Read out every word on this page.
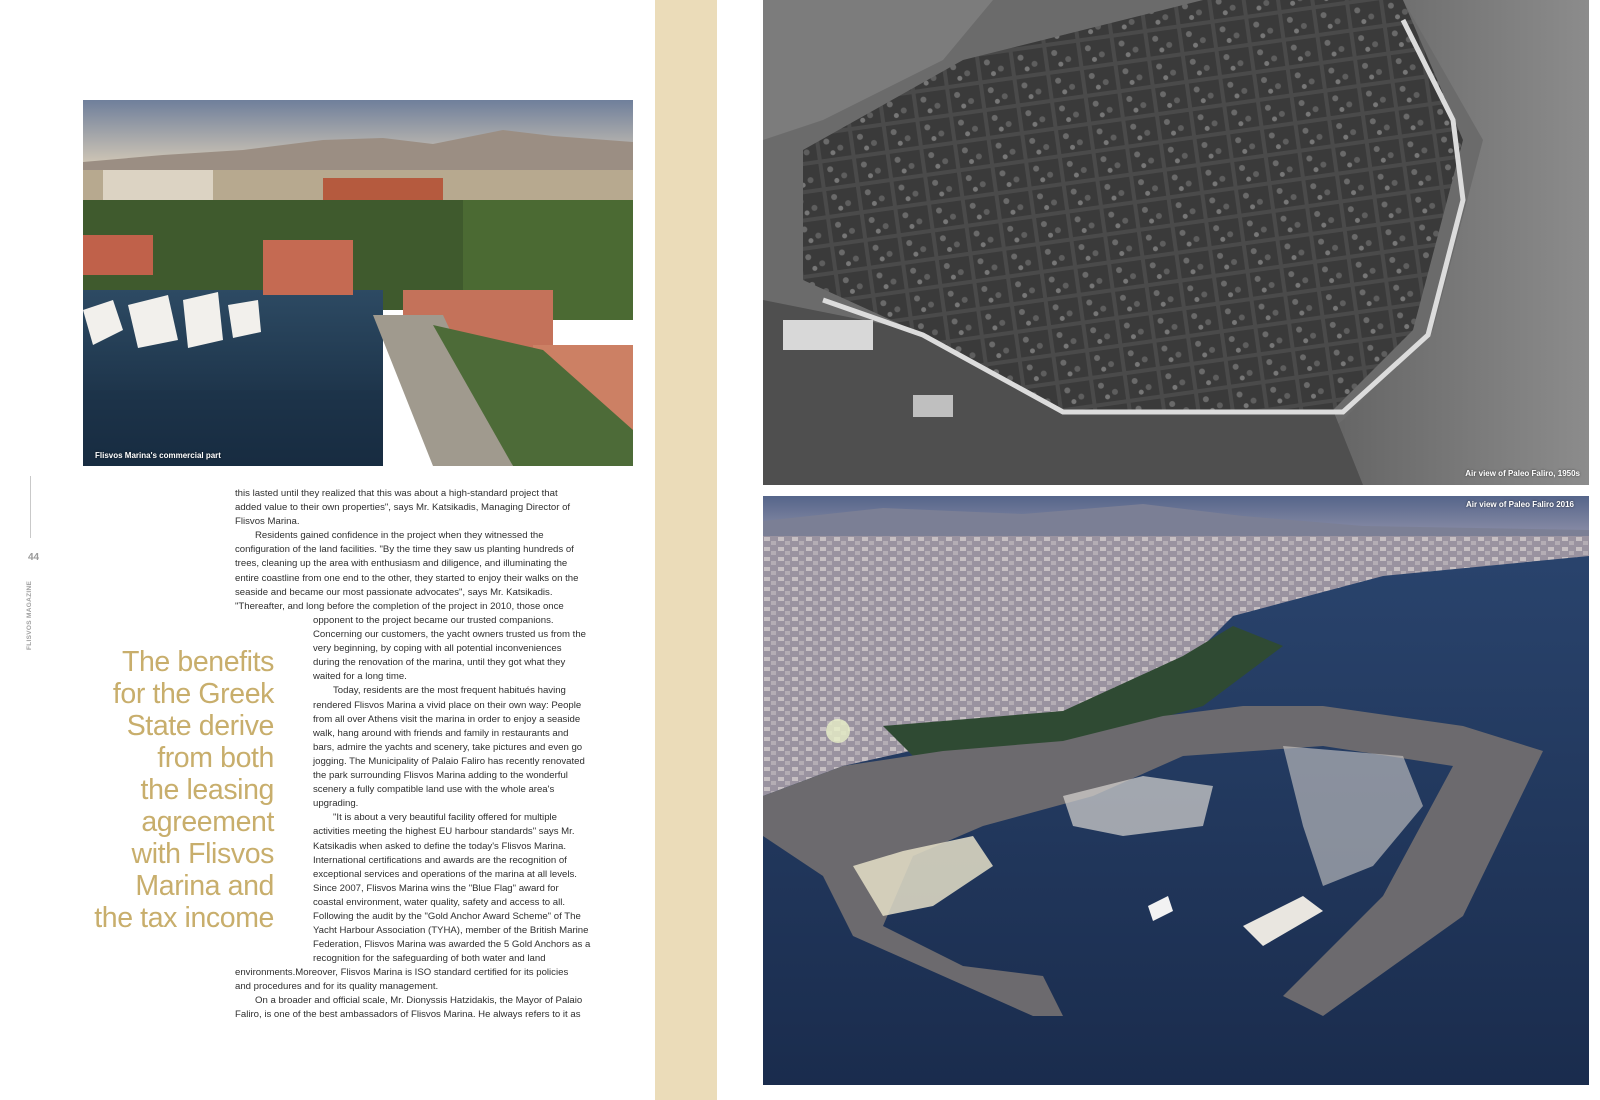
Flisvos Marina's commercial part
44
FLISVOS MAGAZINE
The benefits
for the Greek
State derive
from both
the leasing
agreement
with Flisvos
Marina and
the tax income
this lasted until they realized that this was about a high-standard project that
added value to their own properties", says Mr. Katsikadis, Managing Director of
Flisvos Marina.
Residents gained confidence in the project when they witnessed the
configuration of the land facilities. "By the time they saw us planting hundreds of
trees, cleaning up the area with enthusiasm and diligence, and illuminating the
entire coastline from one end to the other, they started to enjoy their walks on the
seaside and became our most passionate advocates", says Mr. Katsikadis.
"Thereafter, and long before the completion of the project in 2010, those once
opponent to the project became our trusted companions.
Concerning our customers, the yacht owners trusted us from the
very beginning, by coping with all potential inconveniences
during the renovation of the marina, until they got what they
waited for a long time.
Today, residents are the most frequent habitués having
rendered Flisvos Marina a vivid place on their own way: People
from all over Athens visit the marina in order to enjoy a seaside
walk, hang around with friends and family in restaurants and
bars, admire the yachts and scenery, take pictures and even go
jogging. The Municipality of Palaio Faliro has recently renovated
the park surrounding Flisvos Marina adding to the wonderful
scenery a fully compatible land use with the whole area's
upgrading.
"It is about a very beautiful facility offered for multiple
activities meeting the highest EU harbour standards" says Mr.
Katsikadis when asked to define the today's Flisvos Marina.
International certifications and awards are the recognition of
exceptional services and operations of the marina at all levels.
Since 2007, Flisvos Marina wins the "Blue Flag" award for
coastal environment, water quality, safety and access to all.
Following the audit by the "Gold Anchor Award Scheme" of The
Yacht Harbour Association (TYHA), member of the British Marine
Federation, Flisvos Marina was awarded the 5 Gold Anchors as a
recognition for the safeguarding of both water and land
environments.Moreover, Flisvos Marina is ISO standard certified for its policies
and procedures and for its quality management.
On a broader and official scale, Mr. Dionyssis Hatzidakis, the Mayor of Palaio
Faliro, is one of the best ambassadors of Flisvos Marina. He always refers to it as
Air view of Paleo Faliro, 1950s
Air view of Paleo Faliro 2016
